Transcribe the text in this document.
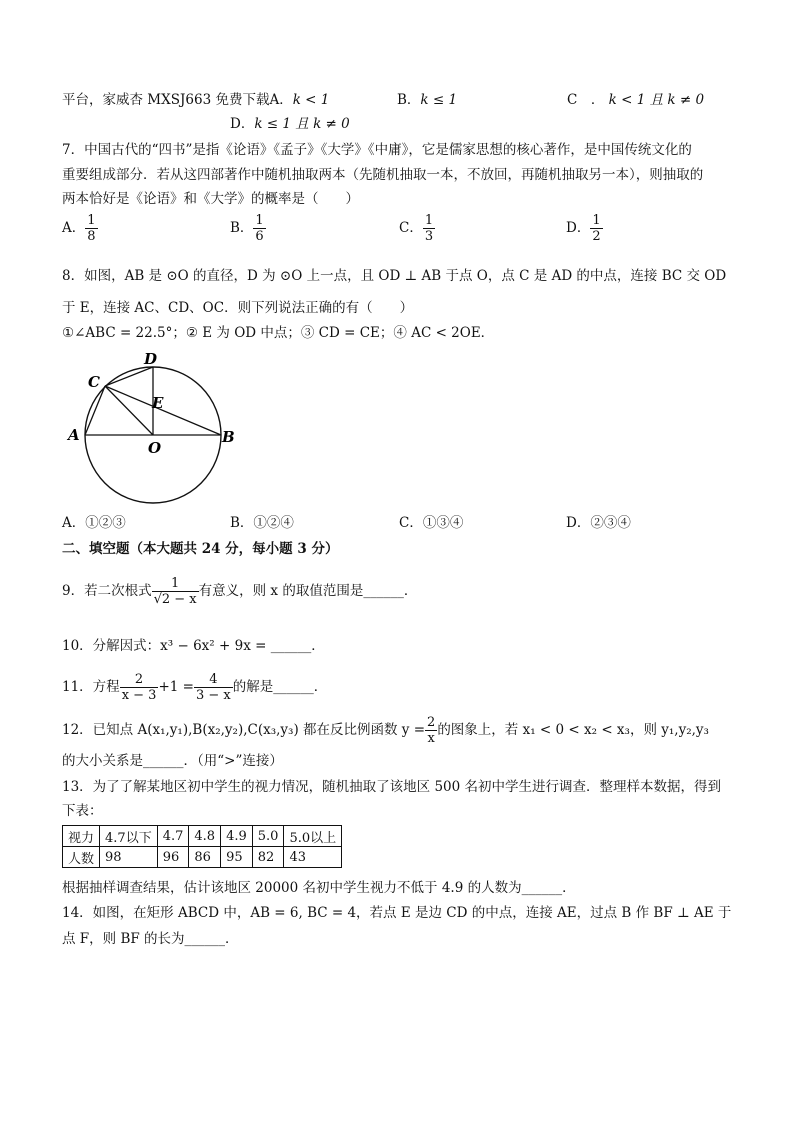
平台，家威杏 MXSJ663 免费下载A．k < 1	B．k ≤ 1	C　． k < 1 且 k ≠ 0
D．k ≤ 1 且 k ≠ 0
7．中国古代的“四书”是指《论语》《孟子》《大学》《中庸》，它是儒家思想的核心著作，是中国传统文化的
重要组成部分．若从这四部著作中随机抽取两本（先随机抽取一本，不放回，再随机抽取另一本），则抽取的
两本恰好是《论语》和《大学》的概率是（　　）
A． $\frac{1}{8}$	B． $\frac{1}{6}$	C． $\frac{1}{3}$	D． $\frac{1}{2}$
8．如图，AB 是 ⊙O 的直径，D 为 ⊙O 上一点，且 OD ⊥ AB 于点 O，点 C 是 AD 的中点，连接 BC 交 OD
于 E，连接 AC、CD、OC．则下列说法正确的有（　　）
①∠ABC = 22.5°；② E 为 OD 中点；③ CD = CE；④ AC < 2OE．
D
C
E
A
O
B
A．①②③	B．①②④	C．①③④	D．②③④
二、填空题（本大题共 24 分，每小题 3 分）
9．若二次根式 $\frac{1}{√2 - x}$ 有意义，则 x 的取值范围是______．
10．分解因式：x³ − 6x² + 9x = ______．
11．方程 $\frac{2}{x - 3} +1 = \frac{4}{3 - x}$ 的解是______．
12．已知点 A(x₁,y₁),B(x₂,y₂),C(x₃,y₃) 都在反比例函数 $y = \frac{2}{x}$ 的图象上，若 x₁ < 0 < x₂ < x₃，则 y₁,y₂,y₃
的大小关系是______．（用“>”连接）
13．为了了解某地区初中学生的视力情况，随机抽取了该地区 500 名初中学生进行调查．整理样本数据，得到
下表：
视力	4.7以下	4.7	4.8	4.9	5.0	5.0以上
人数	98	96	86	95	82	43
根据抽样调查结果，估计该地区 20000 名初中学生视力不低于 4.9 的人数为______．
14．如图，在矩形 ABCD 中，AB = 6, BC = 4，若点 E 是边 CD 的中点，连接 AE，过点 B 作 BF ⊥ AE 于
点 F，则 BF 的长为______．
